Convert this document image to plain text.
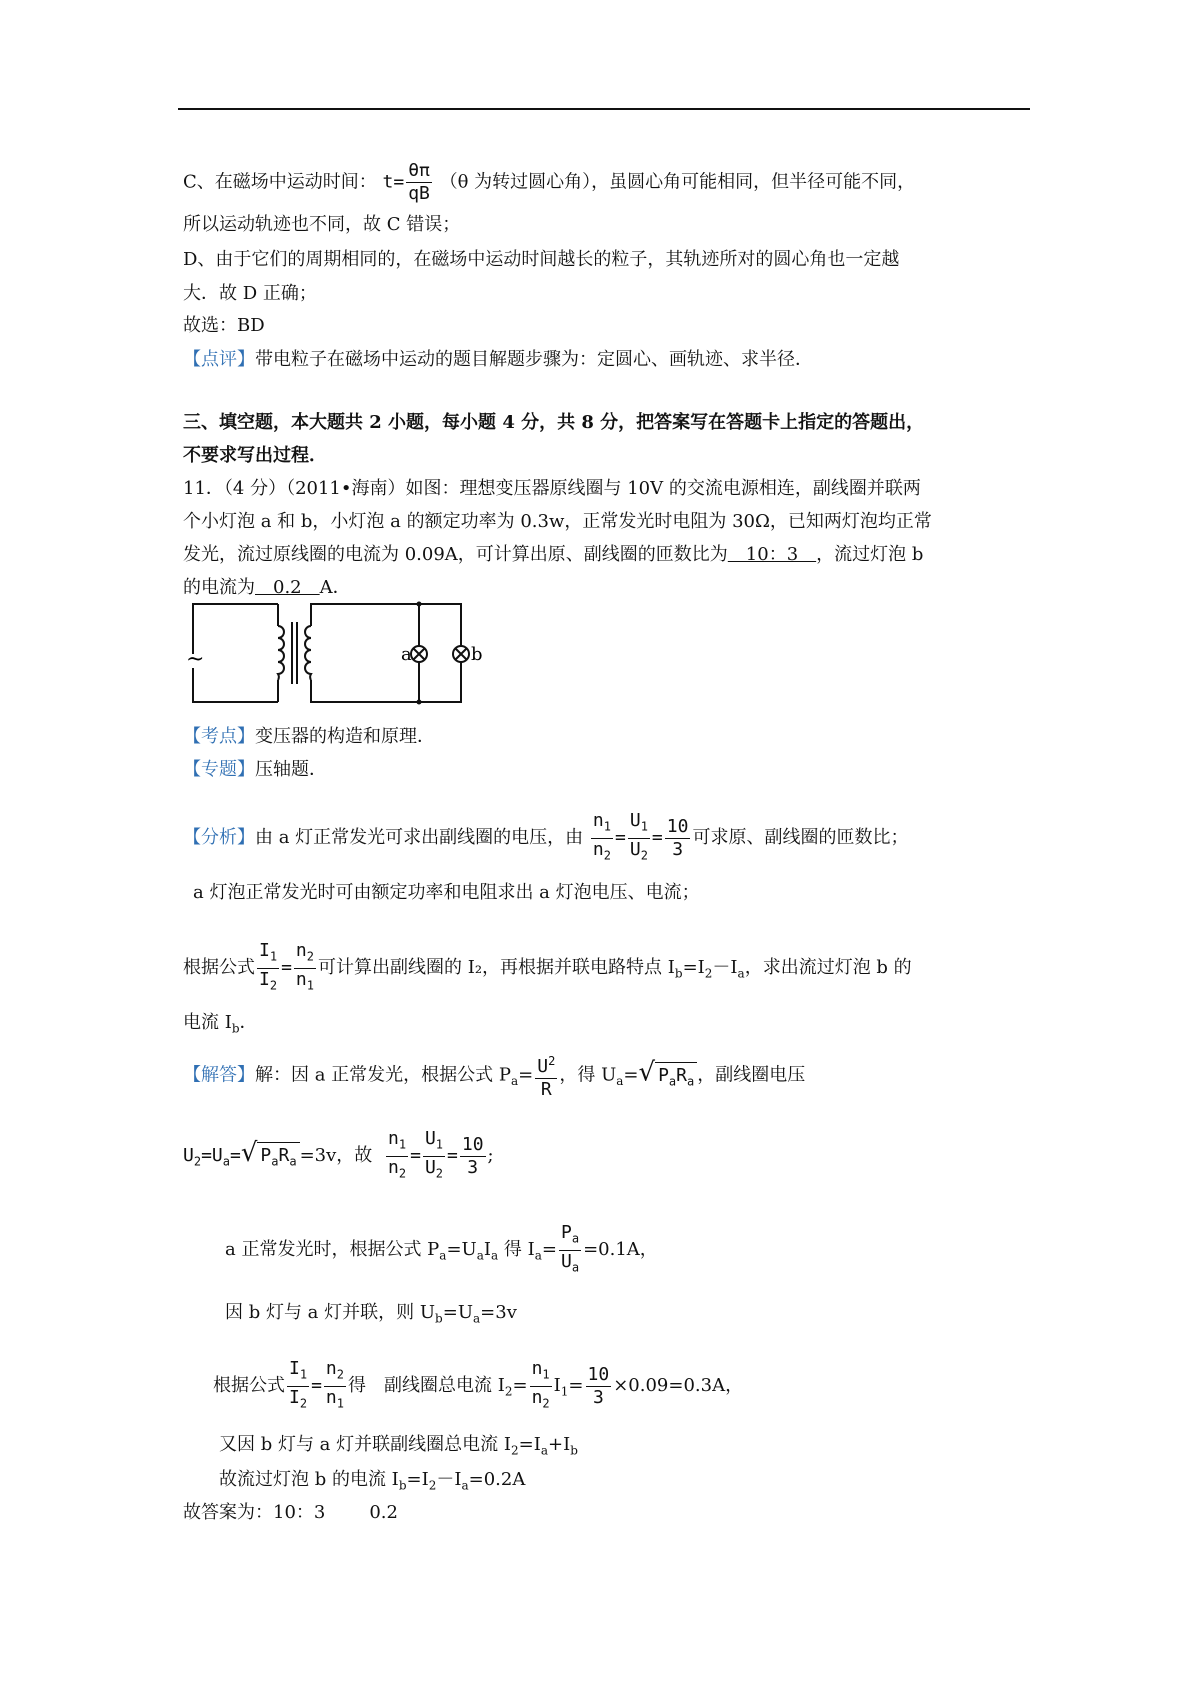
C、在磁场中运动时间： $t= \frac{\theta\pi}{qB} (\theta$ 为转过圆心角），虽圆心角可能相同，但半径可能不同，
所以运动轨迹也不同，故 C 错误；
D、由于它们的周期相同的，在磁场中运动时间越长的粒子，其轨迹所对的圆心角也一定越
大．故 D 正确；
故选：BD
【点评】带电粒子在磁场中运动的题目解题步骤为：定圆心、画轨迹、求半径．
三、填空题，本大题共 2 小题，每小题 4 分，共 8 分，把答案写在答题卡上指定的答题出，
不要求写出过程．
11．（4 分）（2011•海南）如图：理想变压器原线圈与 10V 的交流电源相连，副线圈并联两
个小灯泡 a 和 b，小灯泡 a 的额定功率为 0.3w，正常发光时电阻为 30Ω，已知两灯泡均正常
发光，流过原线圈的电流为 0.09A，可计算出原、副线圈的匝数比为　10：3　，流过灯泡 b
的电流为　0.2　A．
~	a	b
【考点】变压器的构造和原理．
【专题】压轴题．
【分析】由 a 灯正常发光可求出副线圈的电压，由 $\frac{n_1}{n_2} = \frac{U_1}{U_2} = \frac{10}{3}$ 可求原、副线圈的匝数比；
a 灯泡正常发光时可由额定功率和电阻求出 a 灯泡电压、电流；
根据公式 $\frac{I_1}{I_2} = \frac{n_2}{n_1}$ 可计算出副线圈的 I₂，再根据并联电路特点 $I_b=I_2-I_a$，求出流过灯泡 b 的
电流 $I_b$．
【解答】解：因 a 正常发光，根据公式 $P_a= \frac{U^2}{R}$ ，得 $U_a=√$ $P_aR_a$ ，副线圈电压
$U_2=U_a=√$ $P_aR_a =3v$，故 $\frac{n_1}{n_2} = \frac{U_1}{U_2} = \frac{10}{3}$ ;
a 正常发光时，根据公式 $P_a=U_aI_a$ 得 $I_a= \frac{P_a}{U_a} =0.1A$，
因 b 灯与 a 灯并联，则 $U_b=U_a=3v$
根据公式 $\frac{I_1}{I_2} = \frac{n_2}{n_1}$ 得　副线圈总电流 $I_2= \frac{n_1}{n_2} I_1= \frac{10}{3} \times 0.09=0.3A$，
又因 b 灯与 a 灯并联副线圈总电流 $I_2=I_a+I_b$
故流过灯泡 b 的电流 $I_b=I_2-I_a=0.2A$
故答案为：10：3 0.2
